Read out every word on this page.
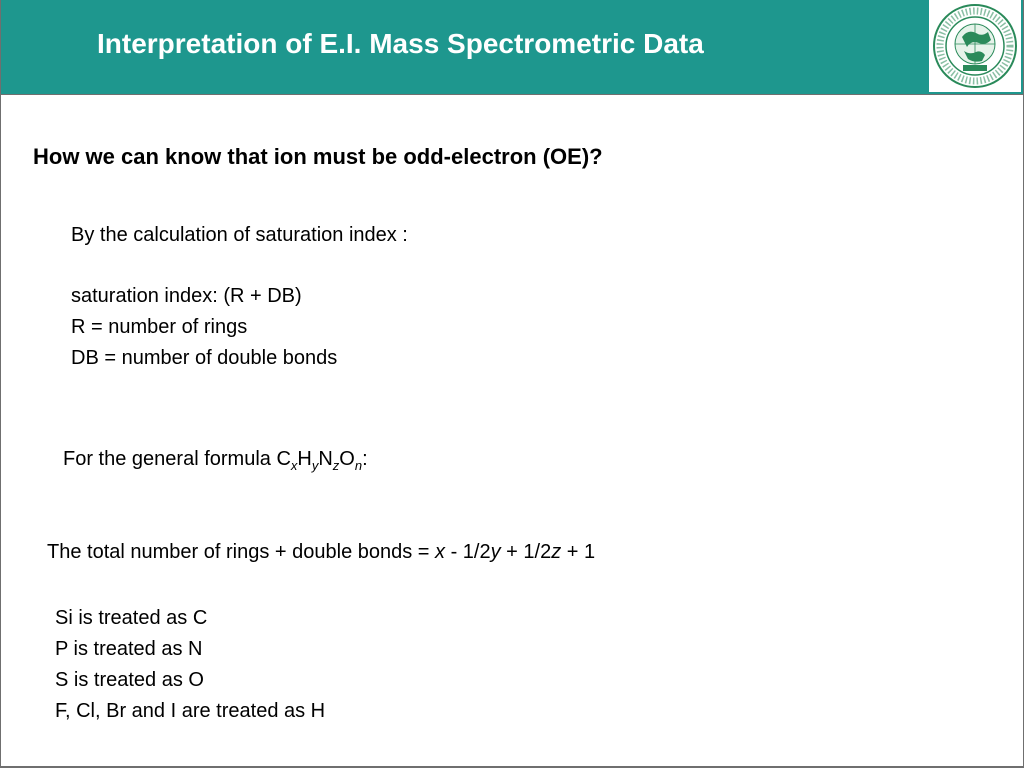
Interpretation of E.I. Mass Spectrometric Data
How we can know that ion must be odd-electron (OE)?
By the calculation of saturation index :
saturation index: (R + DB)
R = number of rings
DB = number of double bonds
For the general formula $C_xH_yN_zO_n$:
The total number of rings + double bonds = x - 1/2y + 1/2z + 1
Si is treated as C
P is treated as N
S is treated as O
F, Cl, Br and I are treated as H
